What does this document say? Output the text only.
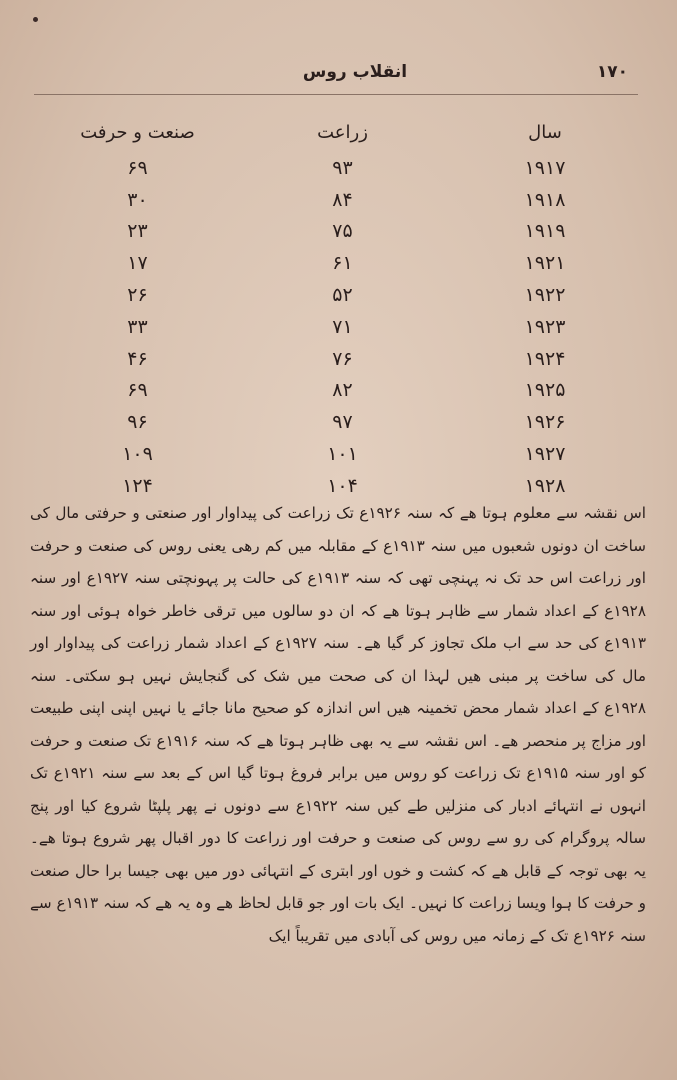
انقلاب روس	۱۷۰
سال	زراعت	صنعت و حرفت
۱۹۱۷	۹۳	۶۹
۱۹۱۸	۸۴	۳۰
۱۹۱۹	۷۵	۲۳
۱۹۲۱	۶۱	۱۷
۱۹۲۲	۵۲	۲۶
۱۹۲۳	۷۱	۳۳
۱۹۲۴	۷۶	۴۶
۱۹۲۵	۸۲	۶۹
۱۹۲۶	۹۷	۹۶
۱۹۲۷	۱۰۱	۱۰۹
۱۹۲۸	۱۰۴	۱۲۴

اس نقشہ سے معلوم ہوتا ھے کہ سنہ ۱۹۲۶ع تک زراعت کی پیداوار اور صنعتی و حرفتی مال کی ساخت ان دونوں شعبوں میں سنہ ۱۹۱۳ع کے مقابلہ میں کم رھی یعنی روس کی صنعت و حرفت اور زراعت اس حد تک نہ پہنچی تھی کہ سنہ ۱۹۱۳ع کی حالت پر پہونچتی سنہ ۱۹۲۷ع اور سنہ ۱۹۲۸ع کے اعداد شمار سے ظاہر ہوتا ھے کہ ان دو سالوں میں ترقی خاطر خواہ ہوئی اور سنہ ۱۹۱۳ع کی حد سے اب ملک تجاوز کر گیا ھے۔ سنہ ۱۹۲۷ع کے اعداد شمار زراعت کی پیداوار اور مال کی ساخت پر مبنی ھیں لہذا ان کی صحت میں شک کی گنجایش نہیں ہو سکتی۔ سنہ ۱۹۲۸ع کے اعداد شمار محض تخمینہ ھیں اس اندازہ کو صحیح مانا جائے یا نہیں اپنی اپنی طبیعت اور مزاج پر منحصر ھے۔ اس نقشہ سے یہ بھی ظاہر ہوتا ھے کہ سنہ ۱۹۱۶ع تک صنعت و حرفت کو اور سنہ ۱۹۱۵ع تک زراعت کو روس میں برابر فروغ ہوتا گیا اس کے بعد سے سنہ ۱۹۲۱ع تک انہوں نے انتہائے ادبار کی منزلیں طے کیں سنہ ۱۹۲۲ع سے دونوں نے پھر پلپٹا شروع کیا اور پنج سالہ پروگرام کی رو سے روس کی صنعت و حرفت اور زراعت کا دور اقبال پھر شروع ہوتا ھے۔ یہ بھی توجہ کے قابل ھے کہ کشت و خوں اور ابتری کے انتہائی دور میں بھی جیسا برا حال صنعت و حرفت کا ہوا ویسا زراعت کا نہیں۔ ایک بات اور جو قابل لحاظ ھے وہ یہ ھے کہ سنہ ۱۹۱۳ع سے سنہ ۱۹۲۶ع تک کے زمانہ میں روس کی آبادی میں تقریباً ایک
